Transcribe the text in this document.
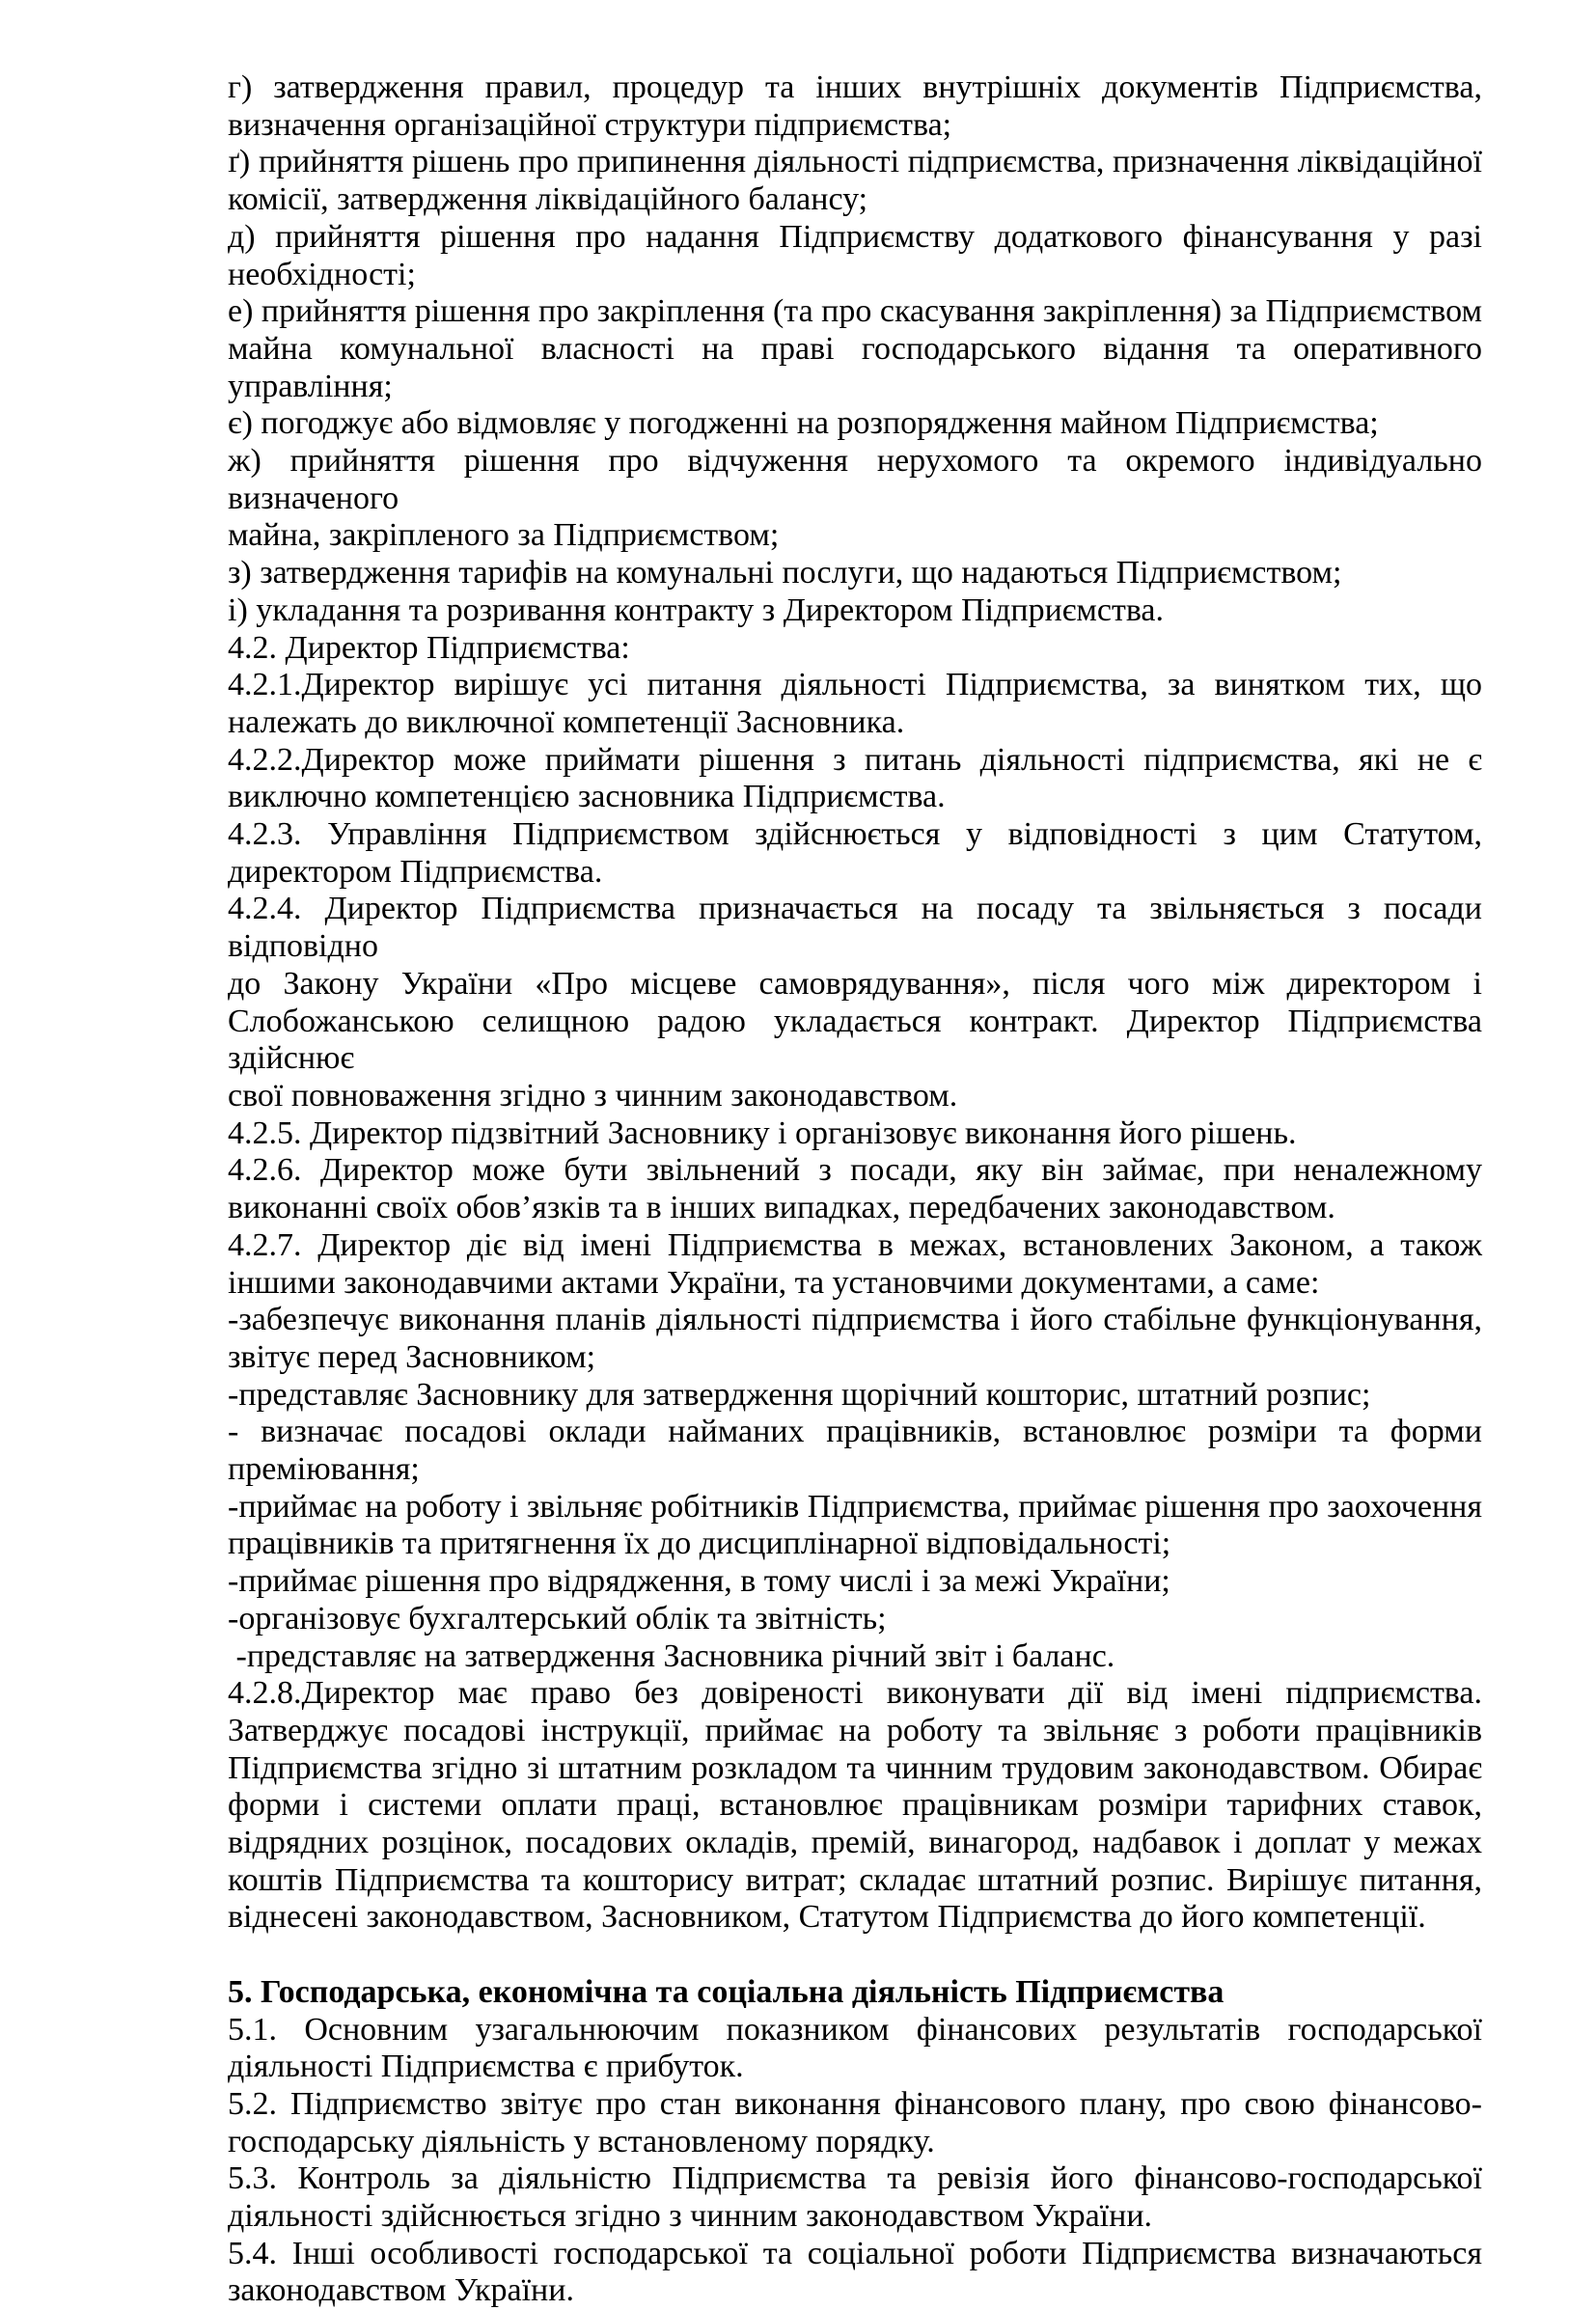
г) затвердження правил, процедур та інших внутрішніх документів Підприємства,
визначення організаційної структури підприємства;
ґ) прийняття рішень про припинення діяльності підприємства, призначення ліквідаційної
комісії, затвердження ліквідаційного балансу;
д) прийняття рішення про надання Підприємству додаткового фінансування у разі
необхідності;
е) прийняття рішення про закріплення (та про скасування закріплення) за Підприємством
майна комунальної власності на праві господарського відання та оперативного
управління;
є) погоджує або відмовляє у погодженні на розпорядження майном Підприємства;
ж) прийняття рішення про відчуження нерухомого та окремого індивідуально визначеного
майна, закріпленого за Підприємством;
з) затвердження тарифів на комунальні послуги, що надаються Підприємством;
і) укладання та розривання контракту з Директором Підприємства.
4.2. Директор Підприємства:
4.2.1.Директор вирішує усі питання діяльності Підприємства, за винятком тих, що
належать до виключної компетенції Засновника.
4.2.2.Директор може приймати рішення з питань діяльності підприємства, які не є
виключно компетенцією засновника Підприємства.
4.2.3. Управління Підприємством здійснюється у відповідності з цим Статутом,
директором Підприємства.
4.2.4. Директор Підприємства призначається на посаду та звільняється з посади відповідно
до Закону України «Про місцеве самоврядування», після чого між директором і
Слобожанською селищною радою укладається контракт. Директор Підприємства здійснює
свої повноваження згідно з чинним законодавством.
4.2.5. Директор підзвітний Засновнику і організовує виконання його рішень.
4.2.6. Директор може бути звільнений з посади, яку він займає, при неналежному
виконанні своїх обов’язків та в інших випадках, передбачених законодавством.
4.2.7. Директор діє від імені Підприємства в межах, встановлених Законом, а також
іншими законодавчими актами України, та установчими документами, а саме:
-забезпечує виконання планів діяльності підприємства і його стабільне функціонування,
звітує перед Засновником;
-представляє Засновнику для затвердження щорічний кошторис, штатний розпис;
- визначає посадові оклади найманих працівників, встановлює розміри та форми
преміювання;
-приймає на роботу і звільняє робітників Підприємства, приймає рішення про заохочення
працівників та притягнення їх до дисциплінарної відповідальності;
-приймає рішення про відрядження, в тому числі і за межі України;
-організовує бухгалтерський облік та звітність;
-представляє на затвердження Засновника річний звіт і баланс.
4.2.8.Директор має право без довіреності виконувати дії від імені підприємства.
Затверджує посадові інструкції, приймає на роботу та звільняє з роботи працівників
Підприємства згідно зі штатним розкладом та чинним трудовим законодавством. Обирає
форми і системи оплати праці, встановлює працівникам розміри тарифних ставок,
відрядних розцінок, посадових окладів, премій, винагород, надбавок і доплат у межах
коштів Підприємства та кошторису витрат; складає штатний розпис. Вирішує питання,
віднесені законодавством, Засновником, Статутом Підприємства до його компетенції.
5. Господарська, економічна та соціальна діяльність Підприємства
5.1. Основним узагальнюючим показником фінансових результатів господарської
діяльності Підприємства є прибуток.
5.2. Підприємство звітує про стан виконання фінансового плану, про свою фінансово-
господарську діяльність у встановленому порядку.
5.3. Контроль за діяльністю Підприємства та ревізія його фінансово-господарської
діяльності здійснюється згідно з чинним законодавством України.
5.4. Інші особливості господарської та соціальної роботи Підприємства визначаються
законодавством України.
